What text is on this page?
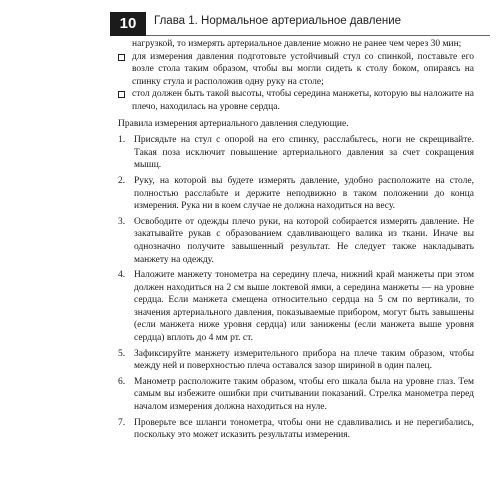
10	Глава 1. Нормальное артериальное давление

нагрузкой, то измерять артериальное давление можно не ранее чем через 30 мин;

для измерения давления подготовьте устойчивый стул со спинкой, поставьте его возле стола таким образом, чтобы вы могли сидеть к столу боком, опираясь на спинку стула и расположив одну руку на столе;
стол должен быть такой высоты, чтобы середина манжеты, которую вы наложите на плечо, находилась на уровне сердца.

Правила измерения артериального давления следующие.

1. Присядьте на стул с опорой на его спинку, расслабьтесь, ноги не скрещивайте. Такая поза исключит повышение артериального давления за счет сокращения мышц.
2. Руку, на которой вы будете измерять давление, удобно расположите на столе, полностью расслабьте и держите неподвижно в таком положении до конца измерения. Рука ни в коем случае не должна находиться на весу.
3. Освободите от одежды плечо руки, на которой собирается измерять давление. Не закатывайте рукав с образованием сдавливающего валика из ткани. Иначе вы однозначно получите завышенный результат. Не следует также накладывать манжету на одежду.
4. Наложите манжету тонометра на середину плеча, нижний край манжеты при этом должен находиться на 2 см выше локтевой ямки, а середина манжеты — на уровне сердца. Если манжета смещена относительно сердца на 5 см по вертикали, то значения артериального давления, показываемые прибором, могут быть завышены (если манжета ниже уровня сердца) или занижены (если манжета выше уровня сердца) вплоть до 4 мм рт. ст.
5. Зафиксируйте манжету измерительного прибора на плече таким образом, чтобы между ней и поверхностью плеча оставался зазор шириной в один палец.
6. Манометр расположите таким образом, чтобы его шкала была на уровне глаз. Тем самым вы избежите ошибки при считывании показаний. Стрелка манометра перед началом измерения должна находиться на нуле.
7. Проверьте все шланги тонометра, чтобы они не сдавливались и не перегибались, поскольку это может исказить результаты измерения.
